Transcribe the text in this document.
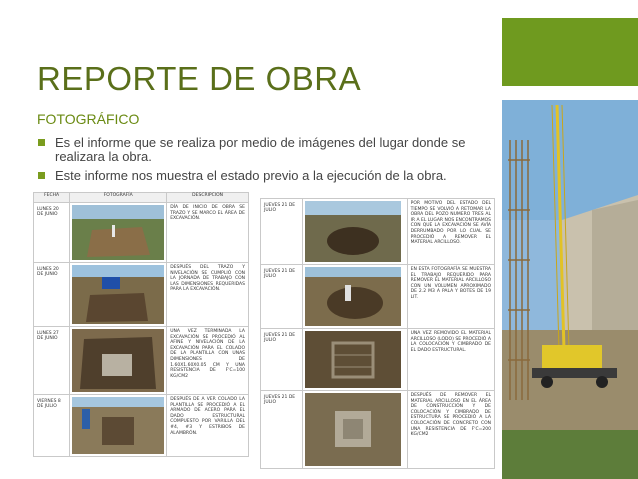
REPORTE DE OBRA
FOTOGRÁFICO
Es el informe que se realiza por medio de imágenes del lugar donde se realizara la obra.
Este informe nos muestra el estado previo a la ejecución de la obra.
FECHA	FOTOGRAFÍA	DESCRIPCION
LUNES 20 DE JUNIO		DÍA DE INICIO DE OBRA SE TRAZO Y SE MARCO EL ÁREA DE EXCAVACIÓN.
LUNES 20 DE JUNIO		DESPUÉS DEL TRAZO Y NIVELACIÓN SE CUMPLIÓ CON LA JORNADA DE TRABAJO CON LAS DIMENSIONES REQUERIDAS PARA LA EXCAVACIÓN.
LUNES 27 DE JUNIO		UNA VEZ TERMINADA LA EXCAVACIÓN SE PROCEDIÓ AL AFINE Y NIVELACIÓN DE LA EXCAVACIÓN PARA EL COLADO DE LA PLANTILLA CON UNAS DIMENSIONES DE 1.60X1.60X0.05 CM Y UNA RESISTENCIA DE F'C=100 KG/CM2
VIERNES 8 DE JULIO		DESPUÉS DE A VER COLADO LA PLANTILLA SE PROCEDIÓ A EL ARMADO DE ACERO PARA EL DADO ESTRUCTURAL COMPUESTO POR VARILLA DEL #4, #3 Y ESTRIBOS DE ALAMBRÓN.
JUEVES 21 DE JULIO		POR MOTIVO DEL ESTADO DEL TIEMPO SE VOLVIÓ A RETOMAR LA OBRA DEL POZO NUMERO TRES AL IR A EL LUGAR NOS ENCONTRAMOS CON QUE LA EXCAVACIÓN SE AVÍA DERRUMBADO POR LO CUAL SE PROCEDIÓ A REMOVER EL MATERIAL ARCILLOSO.
JUEVES 21 DE JULIO		EN ESTA FOTOGRAFÍA SE MUESTRA EL TRABAJO REQUERIDO PARA REMOVER EL MATERIAL ARCILLOSO CON UN VOLUMEN APROXIMADO DE 2.2 M3 A PALA Y BOTES DE 19 LIT.
JUEVES 21 DE JULIO		UNA VEZ REMOVIDO EL MATERIAL ARCILLOSO (LODO) SE PROCEDIÓ A LA COLOCACIÓN Y CIMBRADO DE EL DADO ESTRUCTURAL.
JUEVES 21 DE JULIO		DESPUÉS DE REMOVER EL MATERIAL ARCILLOSO EN EL ÁREA DE CONSTRUCCIÓN Y DE COLOCACIÓN Y CIMBRADO DE ESTRUCTURA SE PROCEDIÓ A LA COLOCACIÓN DE CONCRETO CON UNA RESISTENCIA DE F'C=200 KG/CM2
